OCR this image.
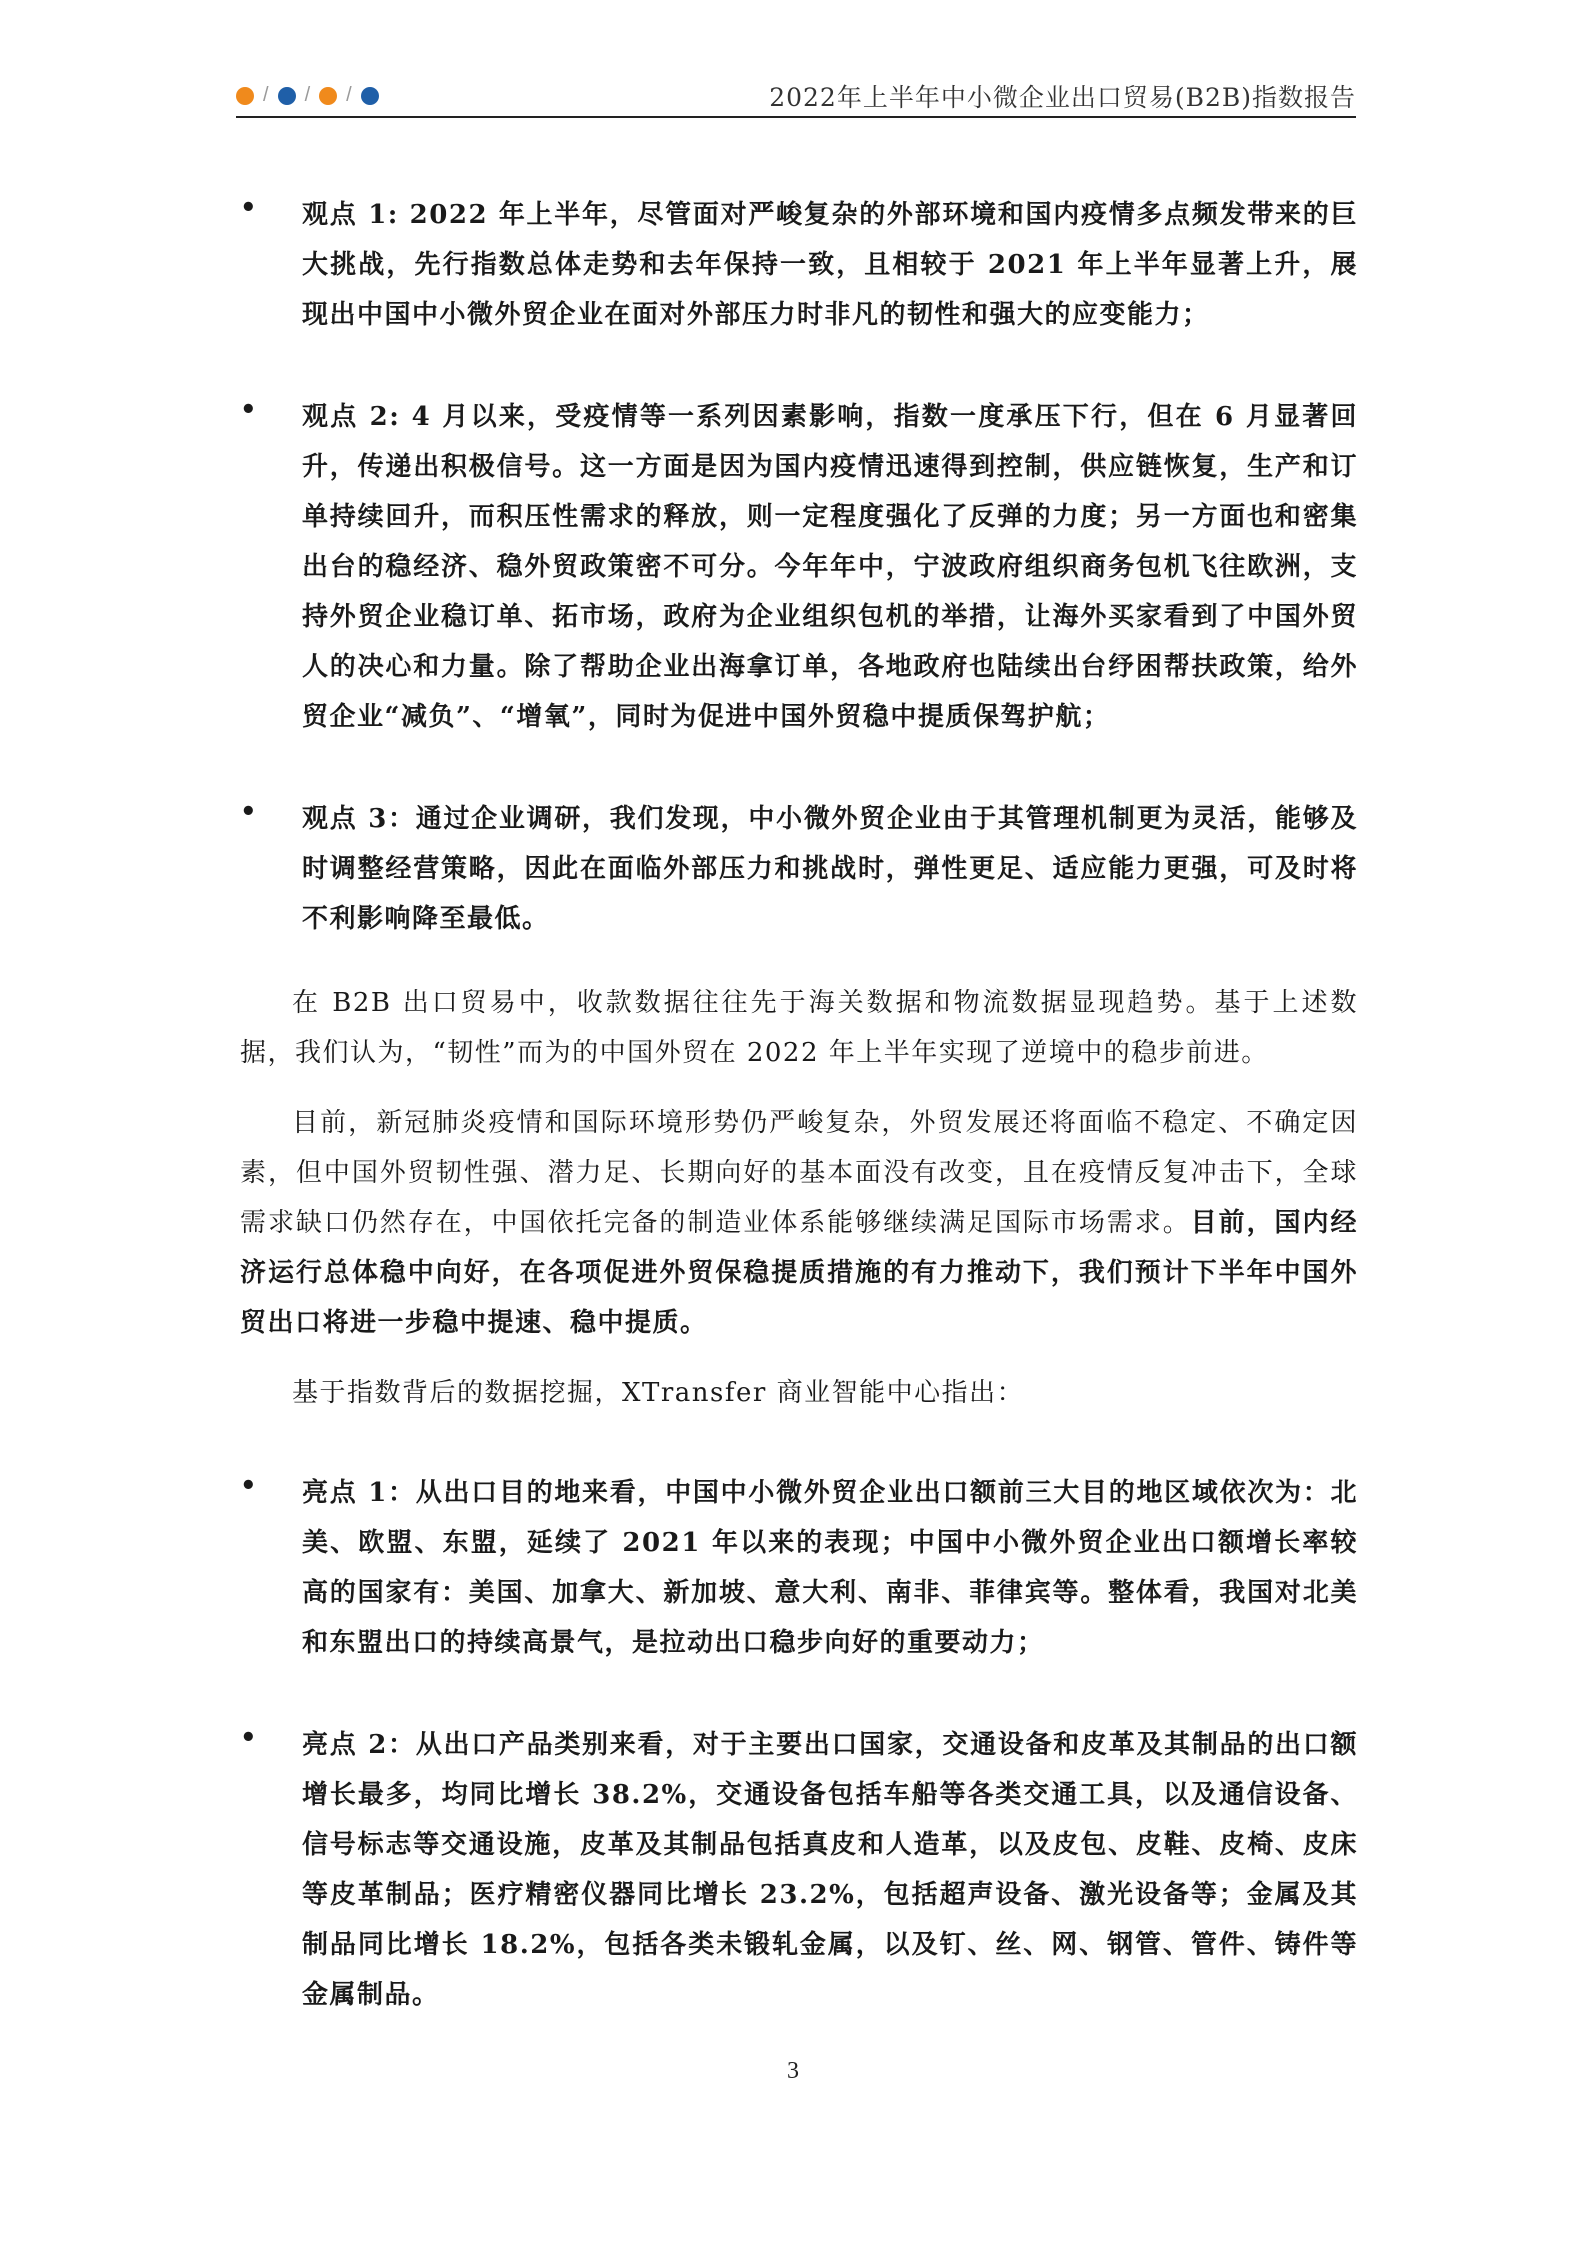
/ / /	2022年上半年中小微企业出口贸易(B2B)指数报告
• 观点 1: 2022 年上半年，尽管面对严峻复杂的外部环境和国内疫情多点频发带来的巨大挑战，先行指数总体走势和去年保持一致，且相较于 2021 年上半年显著上升，展现出中国中小微外贸企业在面对外部压力时非凡的韧性和强大的应变能力；
• 观点 2: 4 月以来，受疫情等一系列因素影响，指数一度承压下行，但在 6 月显著回升，传递出积极信号。这一方面是因为国内疫情迅速得到控制，供应链恢复，生产和订单持续回升，而积压性需求的释放，则一定程度强化了反弹的力度；另一方面也和密集出台的稳经济、稳外贸政策密不可分。今年年中，宁波政府组织商务包机飞往欧洲，支持外贸企业稳订单、拓市场，政府为企业组织包机的举措，让海外买家看到了中国外贸人的决心和力量。除了帮助企业出海拿订单，各地政府也陆续出台纾困帮扶政策，给外贸企业“减负”、“增氧”，同时为促进中国外贸稳中提质保驾护航；
• 观点 3：通过企业调研，我们发现，中小微外贸企业由于其管理机制更为灵活，能够及时调整经营策略，因此在面临外部压力和挑战时，弹性更足、适应能力更强，可及时将不利影响降至最低。

在 B2B 出口贸易中，收款数据往往先于海关数据和物流数据显现趋势。基于上述数据，我们认为，“韧性”而为的中国外贸在 2022 年上半年实现了逆境中的稳步前进。

目前，新冠肺炎疫情和国际环境形势仍严峻复杂，外贸发展还将面临不稳定、不确定因素，但中国外贸韧性强、潜力足、长期向好的基本面没有改变，且在疫情反复冲击下，全球需求缺口仍然存在，中国依托完备的制造业体系能够继续满足国际市场需求。目前，国内经济运行总体稳中向好，在各项促进外贸保稳提质措施的有力推动下，我们预计下半年中国外贸出口将进一步稳中提速、稳中提质。

基于指数背后的数据挖掘，XTransfer 商业智能中心指出：

• 亮点 1：从出口目的地来看，中国中小微外贸企业出口额前三大目的地区域依次为：北美、欧盟、东盟，延续了 2021 年以来的表现；中国中小微外贸企业出口额增长率较高的国家有：美国、加拿大、新加坡、意大利、南非、菲律宾等。整体看，我国对北美和东盟出口的持续高景气，是拉动出口稳步向好的重要动力；
• 亮点 2：从出口产品类别来看，对于主要出口国家，交通设备和皮革及其制品的出口额增长最多，均同比增长 38.2%，交通设备包括车船等各类交通工具，以及通信设备、信号标志等交通设施，皮革及其制品包括真皮和人造革，以及皮包、皮鞋、皮椅、皮床等皮革制品；医疗精密仪器同比增长 23.2%，包括超声设备、激光设备等；金属及其制品同比增长 18.2%，包括各类未锻轧金属，以及钉、丝、网、钢管、管件、铸件等金属制品。
3
